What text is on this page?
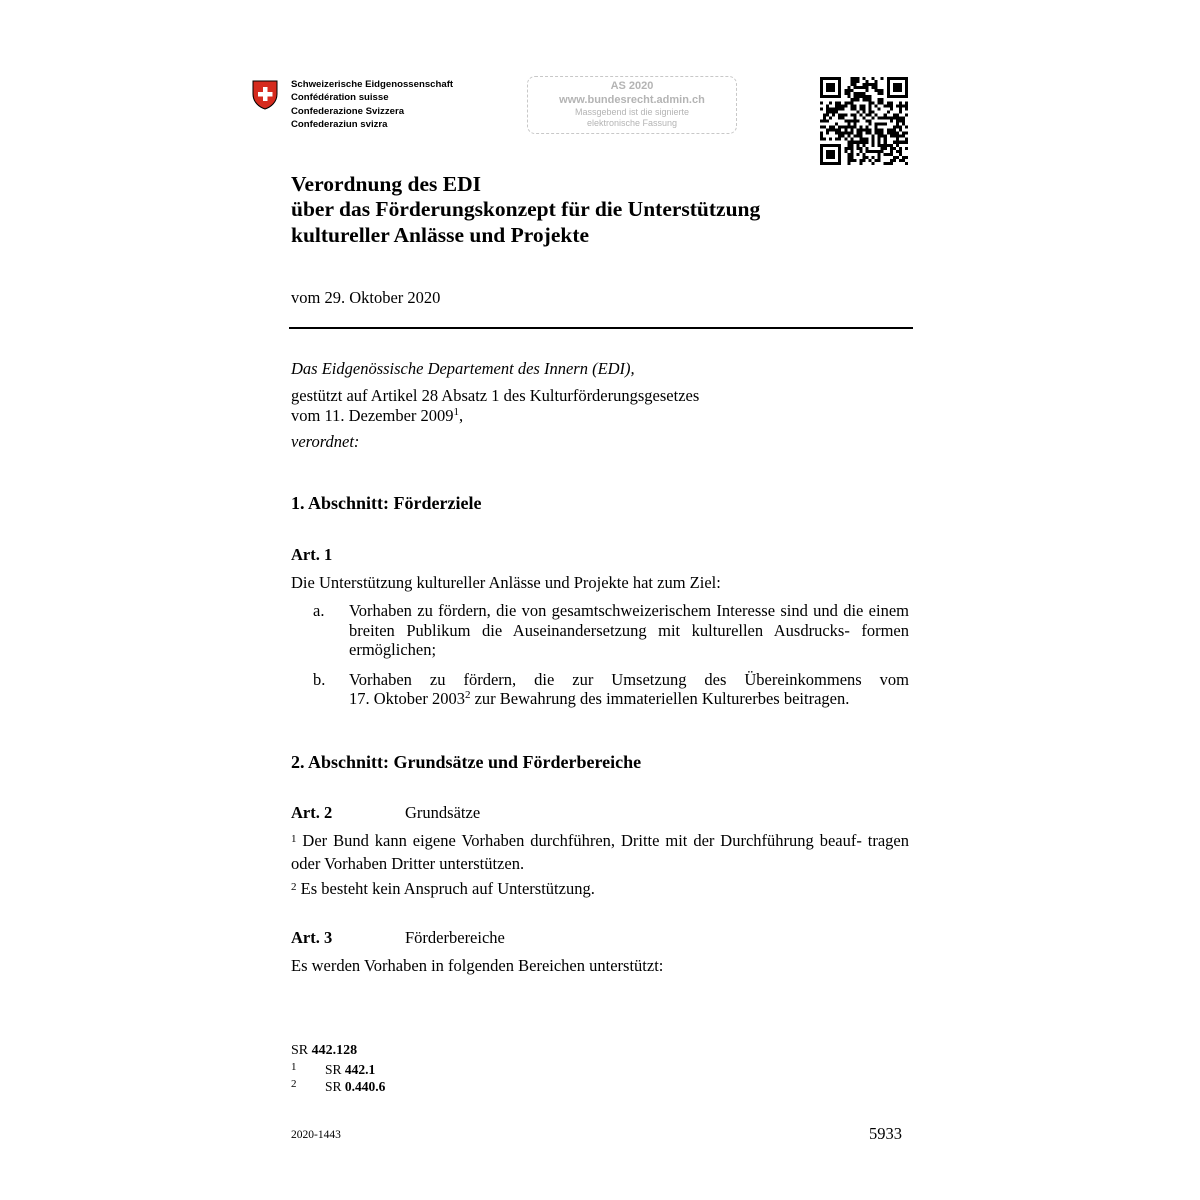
Schweizerische Eidgenossenschaft
Confédération suisse
Confederazione Svizzera
Confederaziun svizra
AS 2020
www.bundesrecht.admin.ch
Massgebend ist die signierte
elektronische Fassung
Verordnung des EDI
über das Förderungskonzept für die Unterstützung
kultureller Anlässe und Projekte
vom 29. Oktober 2020
Das Eidgenössische Departement des Innern (EDI),
gestützt auf Artikel 28 Absatz 1 des Kulturförderungsgesetzes
vom 11. Dezember 2009$^1$,
verordnet:
1. Abschnitt: Förderziele
Art. 1
Die Unterstützung kultureller Anlässe und Projekte hat zum Ziel:
a. Vorhaben zu fördern, die von gesamtschweizerischem Interesse sind und die einem breiten Publikum die Auseinandersetzung mit kulturellen Ausdrucks- formen ermöglichen;
b. Vorhaben zu fördern, die zur Umsetzung des Übereinkommens vom
17. Oktober 2003$^2$ zur Bewahrung des immateriellen Kulturerbes beitragen.
2. Abschnitt: Grundsätze und Förderbereiche
Art. 2	Grundsätze
$^1$ Der Bund kann eigene Vorhaben durchführen, Dritte mit der Durchführung beauf- tragen oder Vorhaben Dritter unterstützen.
$^2$ Es besteht kein Anspruch auf Unterstützung.
Art. 3	Förderbereiche
Es werden Vorhaben in folgenden Bereichen unterstützt:
SR 442.128
1 SR 442.1
2 SR 0.440.6
2020-1443	5933
